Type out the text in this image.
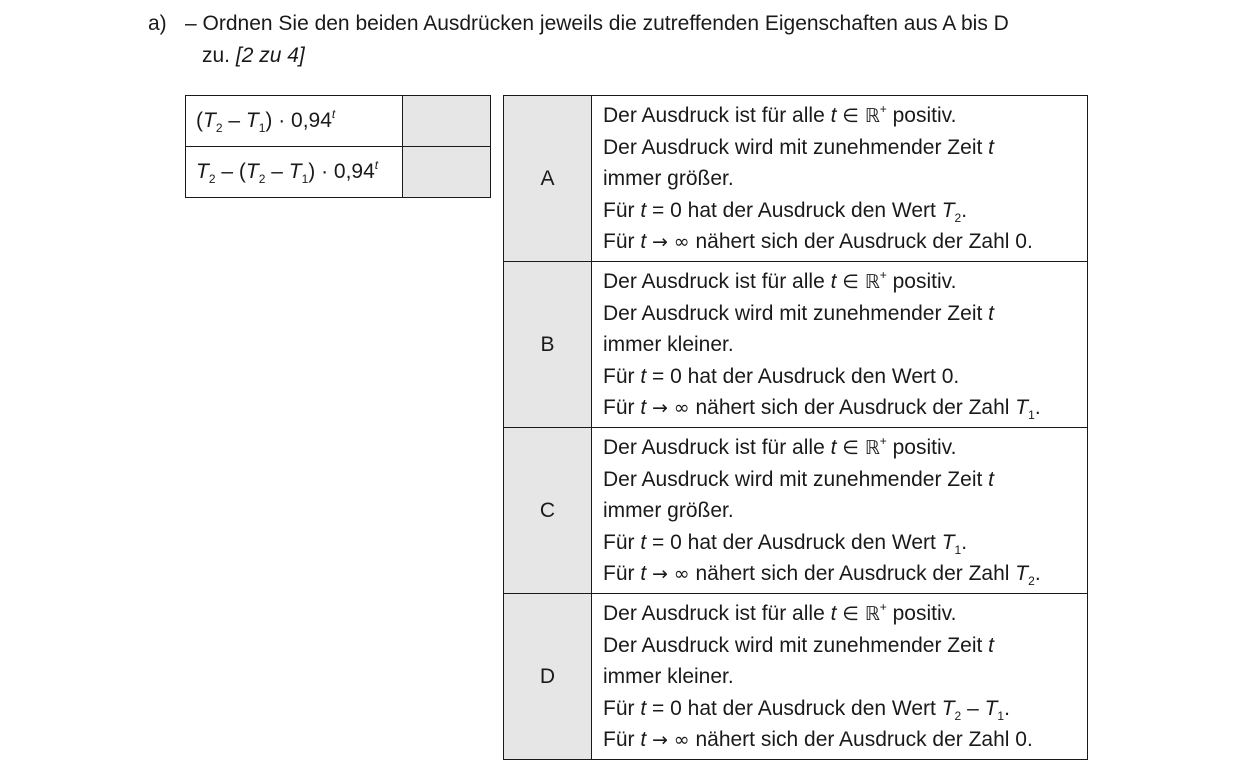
a) – Ordnen Sie den beiden Ausdrücken jeweils die zutreffenden Eigenschaften aus A bis D
zu. [2 zu 4]
$(T_2 - T_1) \cdot 0,94^t$	
$T_2 - (T_2 - T_1) \cdot 0,94^t$	
A	Der Ausdruck ist für alle t ∈ ℝ+ positiv.
Der Ausdruck wird mit zunehmender Zeit t
immer größer.
Für t = 0 hat der Ausdruck den Wert $T_2$.
Für t → ∞ nähert sich der Ausdruck der Zahl 0.

B	Der Ausdruck ist für alle t ∈ ℝ+ positiv.
Der Ausdruck wird mit zunehmender Zeit t
immer kleiner.
Für t = 0 hat der Ausdruck den Wert 0.
Für t → ∞ nähert sich der Ausdruck der Zahl $T_1$.

C	Der Ausdruck ist für alle t ∈ ℝ+ positiv.
Der Ausdruck wird mit zunehmender Zeit t
immer größer.
Für t = 0 hat der Ausdruck den Wert $T_1$.
Für t → ∞ nähert sich der Ausdruck der Zahl $T_2$.

D	Der Ausdruck ist für alle t ∈ ℝ+ positiv.
Der Ausdruck wird mit zunehmender Zeit t
immer kleiner.
Für t = 0 hat der Ausdruck den Wert $T_2 - T_1$.
Für t → ∞ nähert sich der Ausdruck der Zahl 0.
